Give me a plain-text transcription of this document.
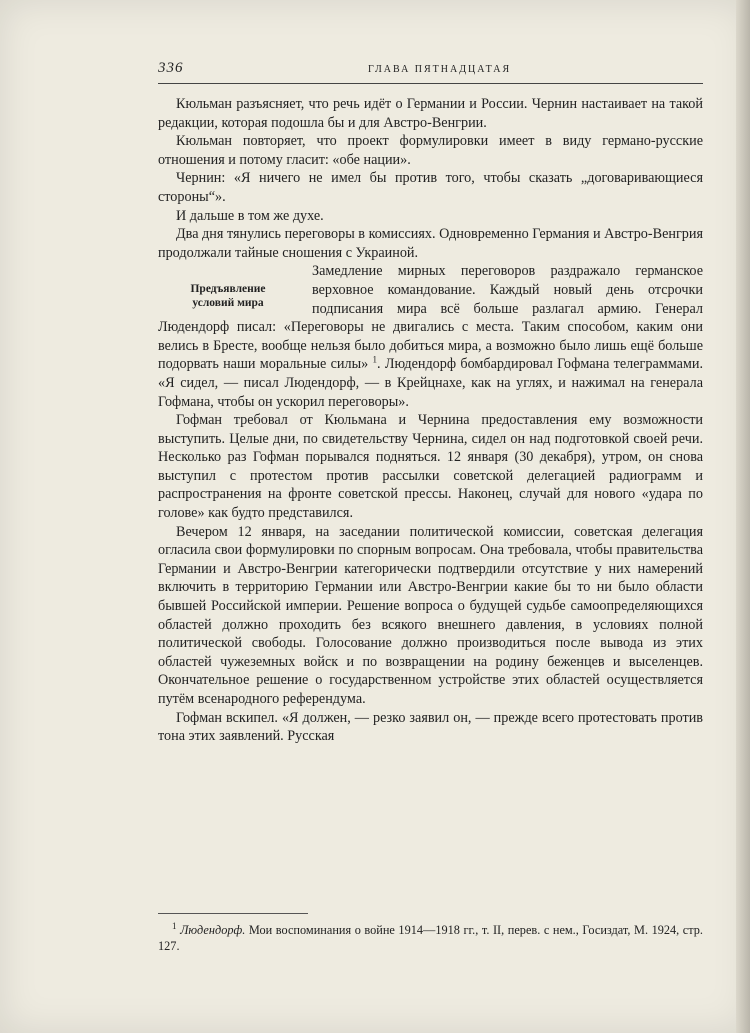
336	ГЛАВА ПЯТНАДЦАТАЯ

Кюльман разъясняет, что речь идёт о Германии и России. Чернин настаивает на такой редакции, которая подошла бы и для Австро-Венгрии.

Кюльман повторяет, что проект формулировки имеет в виду германо-русские отношения и потому гласит: «обе нации».

Чернин: «Я ничего не имел бы против того, чтобы сказать „договаривающиеся стороны“».

И дальше в том же духе.

Два дня тянулись переговоры в комиссиях. Одновременно Германия и Австро-Венгрия продолжали тайные сношения с Украиной.

Предъявление
условий мира

Замедление мирных переговоров раздражало германское верховное командование. Каждый новый день отсрочки подписания мира всё больше разлагал армию. Генерал Людендорф писал: «Переговоры не двигались с места. Таким способом, каким они велись в Бресте, вообще нельзя было добиться мира, а возможно было лишь ещё больше подорвать наши моральные силы» $^1$. Людендорф бомбардировал Гофмана телеграммами. «Я сидел, — писал Людендорф, — в Крейцнахе, как на углях, и нажимал на генерала Гофмана, чтобы он ускорил переговоры».

Гофман требовал от Кюльмана и Чернина предоставления ему возможности выступить. Целые дни, по свидетельству Чернина, сидел он над подготовкой своей речи. Несколько раз Гофман порывался подняться. 12 января (30 декабря), утром, он снова выступил с протестом против рассылки советской делегацией радиограмм и распространения на фронте советской прессы. Наконец, случай для нового «удара по голове» как будто представился.

Вечером 12 января, на заседании политической комиссии, советская делегация огласила свои формулировки по спорным вопросам. Она требовала, чтобы правительства Германии и Австро-Венгрии категорически подтвердили отсутствие у них намерений включить в территорию Германии или Австро-Венгрии какие бы то ни было области бывшей Российской империи. Решение вопроса о будущей судьбе самоопределяющихся областей должно проходить без всякого внешнего давления, в условиях полной политической свободы. Голосование должно производиться после вывода из этих областей чужеземных войск и по возвращении на родину беженцев и выселенцев. Окончательное решение о государственном устройстве этих областей осуществляется путём всенародного референдума.

Гофман вскипел. «Я должен, — резко заявил он, — прежде всего протестовать против тона этих заявлений. Русская

$^1$ Людендорф. Мои воспоминания о войне 1914—1918 гг., т. II, перев. с нем., Госиздат, М. 1924, стр. 127.
